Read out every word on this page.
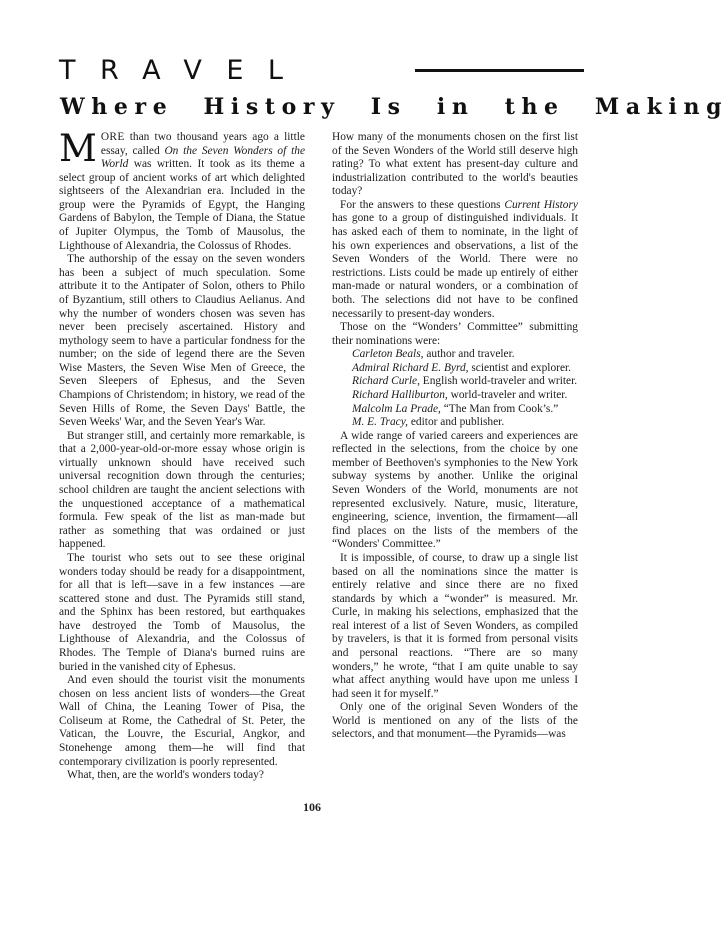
TRAVEL
Where History Is in the Making

MORE than two thousand years ago a little essay, called On the Seven Wonders of the World was written. It took as its theme a select group of ancient works of art which delighted sightseers of the Alexandrian era. Included in the group were the Pyramids of Egypt, the Hanging Gardens of Babylon, the Temple of Diana, the Statue of Jupiter Olympus, the Tomb of Mausolus, the Lighthouse of Alexandria, the Colossus of Rhodes.

The authorship of the essay on the seven wonders has been a subject of much speculation. Some attribute it to the Antipater of Solon, others to Philo of Byzantium, still others to Claudius Aelianus. And why the number of wonders chosen was seven has never been precisely ascertained. History and mythology seem to have a particular fondness for the number; on the side of legend there are the Seven Wise Masters, the Seven Wise Men of Greece, the Seven Sleepers of Ephesus, and the Seven Champions of Christendom; in history, we read of the Seven Hills of Rome, the Seven Days' Battle, the Seven Weeks' War, and the Seven Year's War.

But stranger still, and certainly more remarkable, is that a 2,000-year-old-or-more essay whose origin is virtually unknown should have received such universal recognition down through the centuries; school children are taught the ancient selections with the unquestioned acceptance of a mathematical formula. Few speak of the list as man-made but rather as something that was ordained or just happened.

The tourist who sets out to see these original wonders today should be ready for a disappointment, for all that is left—save in a few instances —are scattered stone and dust. The Pyramids still stand, and the Sphinx has been restored, but earthquakes have destroyed the Tomb of Mausolus, the Lighthouse of Alexandria, and the Colossus of Rhodes. The Temple of Diana's burned ruins are buried in the vanished city of Ephesus.

And even should the tourist visit the monuments chosen on less ancient lists of wonders—the Great Wall of China, the Leaning Tower of Pisa, the Coliseum at Rome, the Cathedral of St. Peter, the Vatican, the Louvre, the Escurial, Angkor, and Stonehenge among them—he will find that contemporary civilization is poorly represented.

What, then, are the world's wonders today?

How many of the monuments chosen on the first list of the Seven Wonders of the World still deserve high rating? To what extent has present-day culture and industrialization contributed to the world's beauties today?

For the answers to these questions Current History has gone to a group of distinguished individuals. It has asked each of them to nominate, in the light of his own experiences and observations, a list of the Seven Wonders of the World. There were no restrictions. Lists could be made up entirely of either man-made or natural wonders, or a combination of both. The selections did not have to be confined necessarily to present-day wonders.

Those on the “Wonders’ Committee” submitting their nominations were:

Carleton Beals, author and traveler.

Admiral Richard E. Byrd, scientist and explorer.

Richard Curle, English world-traveler and writer.

Richard Halliburton, world-traveler and writer.

Malcolm La Prade, “The Man from Cook’s.”

M. E. Tracy, editor and publisher.

A wide range of varied careers and experiences are reflected in the selections, from the choice by one member of Beethoven's symphonies to the New York subway systems by another. Unlike the original Seven Wonders of the World, monuments are not represented exclusively. Nature, music, literature, engineering, science, invention, the firmament—all find places on the lists of the members of the “Wonders' Committee.”

It is impossible, of course, to draw up a single list based on all the nominations since the matter is entirely relative and since there are no fixed standards by which a “wonder” is measured. Mr. Curle, in making his selections, emphasized that the real interest of a list of Seven Wonders, as compiled by travelers, is that it is formed from personal visits and personal reactions. “There are so many wonders,” he wrote, “that I am quite unable to say what affect anything would have upon me unless I had seen it for myself.”

Only one of the original Seven Wonders of the World is mentioned on any of the lists of the selectors, and that monument—the Pyramids—was

106
